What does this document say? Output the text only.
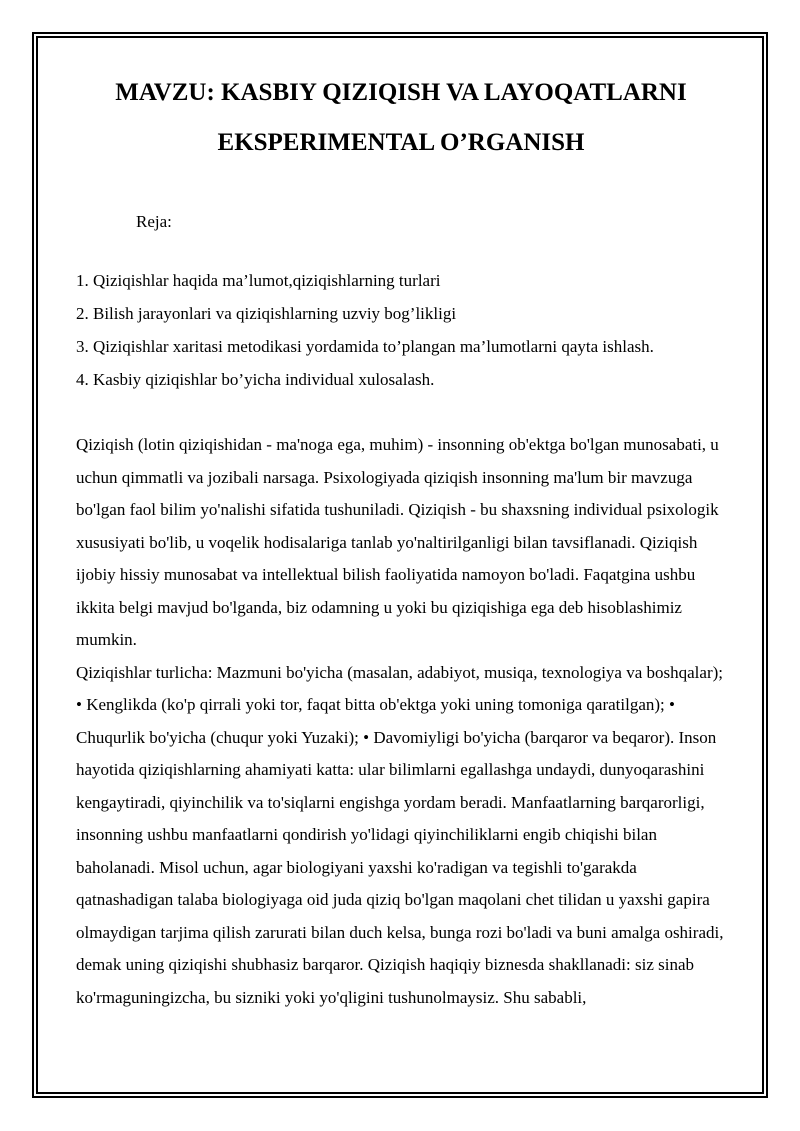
MAVZU: KASBIY QIZIQISH VA LAYOQATLARNI
EKSPERIMENTAL O’RGANISH
Reja:
1. Qiziqishlar haqida ma’lumot,qiziqishlarning turlari
2. Bilish jarayonlari va qiziqishlarning uzviy bog’likligi
3. Qiziqishlar xaritasi metodikasi yordamida to’plangan ma’lumotlarni qayta ishlash.
4. Kasbiy qiziqishlar bo’yicha individual xulosalash.

Qiziqish (lotin qiziqishidan - ma'noga ega, muhim) - insonning ob'ektga bo'lgan munosabati, u uchun qimmatli va jozibali narsaga. Psixologiyada qiziqish insonning ma'lum bir mavzuga bo'lgan faol bilim yo'nalishi sifatida tushuniladi. Qiziqish - bu shaxsning individual psixologik xususiyati bo'lib, u voqelik hodisalariga tanlab yo'naltirilganligi bilan tavsiflanadi. Qiziqish ijobiy hissiy munosabat va intellektual bilish faoliyatida namoyon bo'ladi. Faqatgina ushbu ikkita belgi mavjud bo'lganda, biz odamning u yoki bu qiziqishiga ega deb hisoblashimiz mumkin.

Qiziqishlar turlicha: Mazmuni bo'yicha (masalan, adabiyot, musiqa, texnologiya va boshqalar); • Kenglikda (ko'p qirrali yoki tor, faqat bitta ob'ektga yoki uning tomoniga qaratilgan); • Chuqurlik bo'yicha (chuqur yoki Yuzaki); • Davomiyligi bo'yicha (barqaror va beqaror). Inson hayotida qiziqishlarning ahamiyati katta: ular bilimlarni egallashga undaydi, dunyoqarashini kengaytiradi, qiyinchilik va to'siqlarni engishga yordam beradi. Manfaatlarning barqarorligi, insonning ushbu manfaatlarni qondirish yo'lidagi qiyinchiliklarni engib chiqishi bilan baholanadi. Misol uchun, agar biologiyani yaxshi ko'radigan va tegishli to'garakda qatnashadigan talaba biologiyaga oid juda qiziq bo'lgan maqolani chet tilidan u yaxshi gapira olmaydigan tarjima qilish zarurati bilan duch kelsa, bunga rozi bo'ladi va buni amalga oshiradi, demak uning qiziqishi shubhasiz barqaror. Qiziqish haqiqiy biznesda shakllanadi: siz sinab ko'rmaguningizcha, bu sizniki yoki yo'qligini tushunolmaysiz. Shu sababli,
